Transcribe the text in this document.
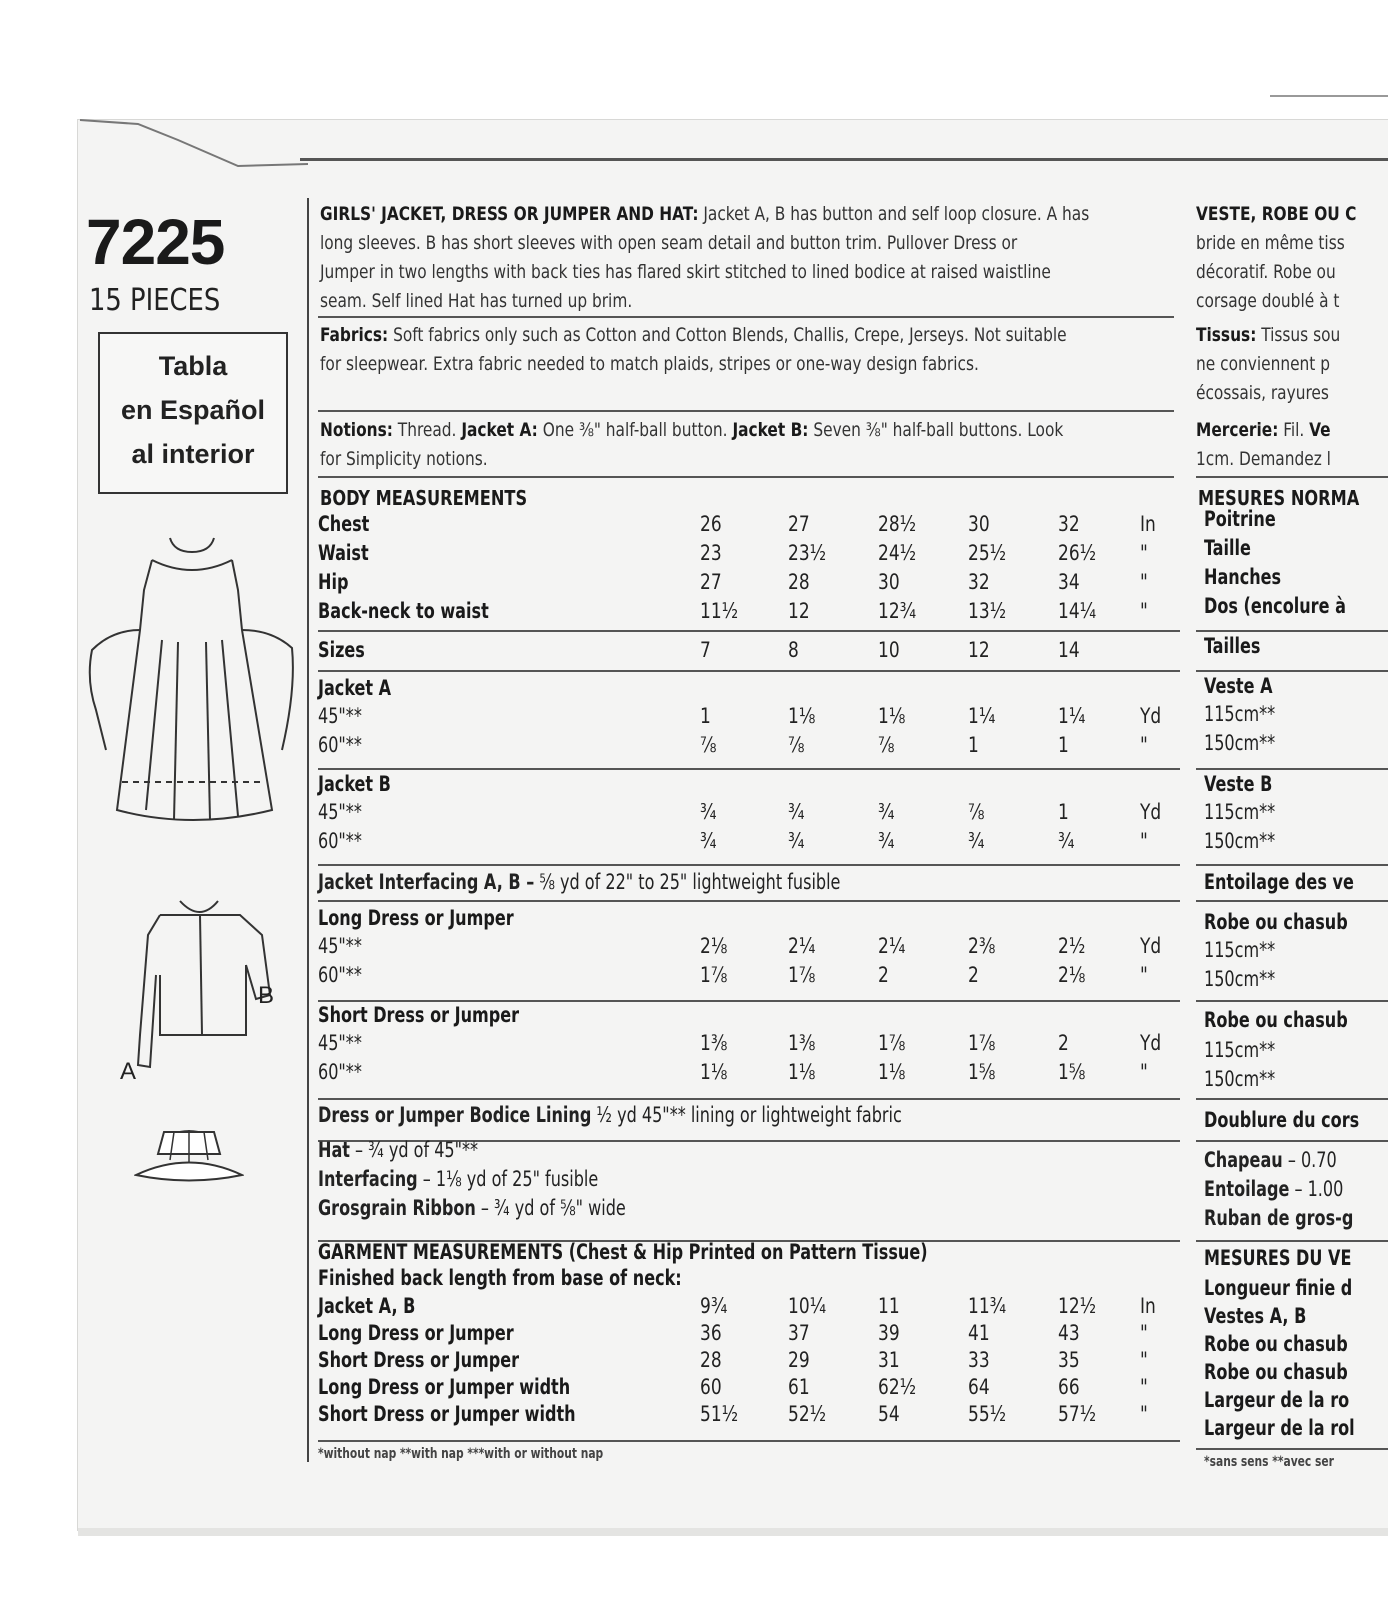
7225
15 PIECES
Tabla
en Español
al interior
B
A
GIRLS' JACKET, DRESS OR JUMPER AND HAT: Jacket A, B has button and self loop closure. A has
long sleeves. B has short sleeves with open seam detail and button trim. Pullover Dress or
Jumper in two lengths with back ties has flared skirt stitched to lined bodice at raised waistline
seam. Self lined Hat has turned up brim.
Fabrics: Soft fabrics only such as Cotton and Cotton Blends, Challis, Crepe, Jerseys. Not suitable
for sleepwear. Extra fabric needed to match plaids, stripes or one-way design fabrics.
Notions: Thread. Jacket A: One ⅜" half-ball button. Jacket B: Seven ⅜" half-ball buttons. Look
for Simplicity notions.
BODY MEASUREMENTS
Chest	26	27	28½ 30	32	In
Waist	23	23½ 24½ 25½ 26½ "
Hip	27	28	30	32	34	"
Back-neck to waist	11½ 12	12¾ 13½ 14¼ "
Sizes	7	8	10	12	14
Jacket A
45"**	1	1⅛	1⅛	1¼	1¼	Yd
60"**	⅞	⅞	⅞	1	1	"
Jacket B
45"**	¾	¾	¾	⅞	1	Yd
60"**	¾	¾	¾	¾	¾	"
Jacket Interfacing A, B – ⅝ yd of 22" to 25" lightweight fusible
Long Dress or Jumper
45"**	2⅛	2¼	2¼	2⅜	2½	Yd
60"**	1⅞	1⅞	2	2	2⅛	"
Short Dress or Jumper
45"**	1⅜	1⅜	1⅞	1⅞	2	Yd
60"**	1⅛	1⅛	1⅛	1⅝	1⅝	"
Dress or Jumper Bodice Lining ½ yd 45"** lining or lightweight fabric
Hat – ¾ yd of 45"**
Interfacing – 1⅛ yd of 25" fusible
Grosgrain Ribbon – ¾ yd of ⅝" wide
GARMENT MEASUREMENTS (Chest & Hip Printed on Pattern Tissue)
Finished back length from base of neck:
Jacket A, B	9¾	10¼ 11	11¾ 12½ In
Long Dress or Jumper	36	37	39	41	43	"
Short Dress or Jumper	28	29	31	33	35	"
Long Dress or Jumper width	60	61	62½ 64	66	"
Short Dress or Jumper width	51½ 52½ 54	55½ 57½ "
*without nap **with nap ***with or without nap
VESTE, ROBE OU C
bride en même tiss
décoratif. Robe ou
corsage doublé à t
Tissus: Tissus sou
ne conviennent p
écossais, rayures
Mercerie: Fil. Ve
1cm. Demandez l
MESURES NORMA
Poitrine
Taille
Hanches
Dos (encolure à
Tailles
Veste A
115cm**
150cm**
Veste B
115cm**
150cm**
Entoilage des ve
Robe ou chasub
115cm**
150cm**
Robe ou chasub
115cm**
150cm**
Doublure du cors
Chapeau – 0.70
Entoilage – 1.00
Ruban de gros-g
MESURES DU VE
Longueur finie d
Vestes A, B
Robe ou chasub
Robe ou chasub
Largeur de la ro
Largeur de la rol
*sans sens **avec ser
